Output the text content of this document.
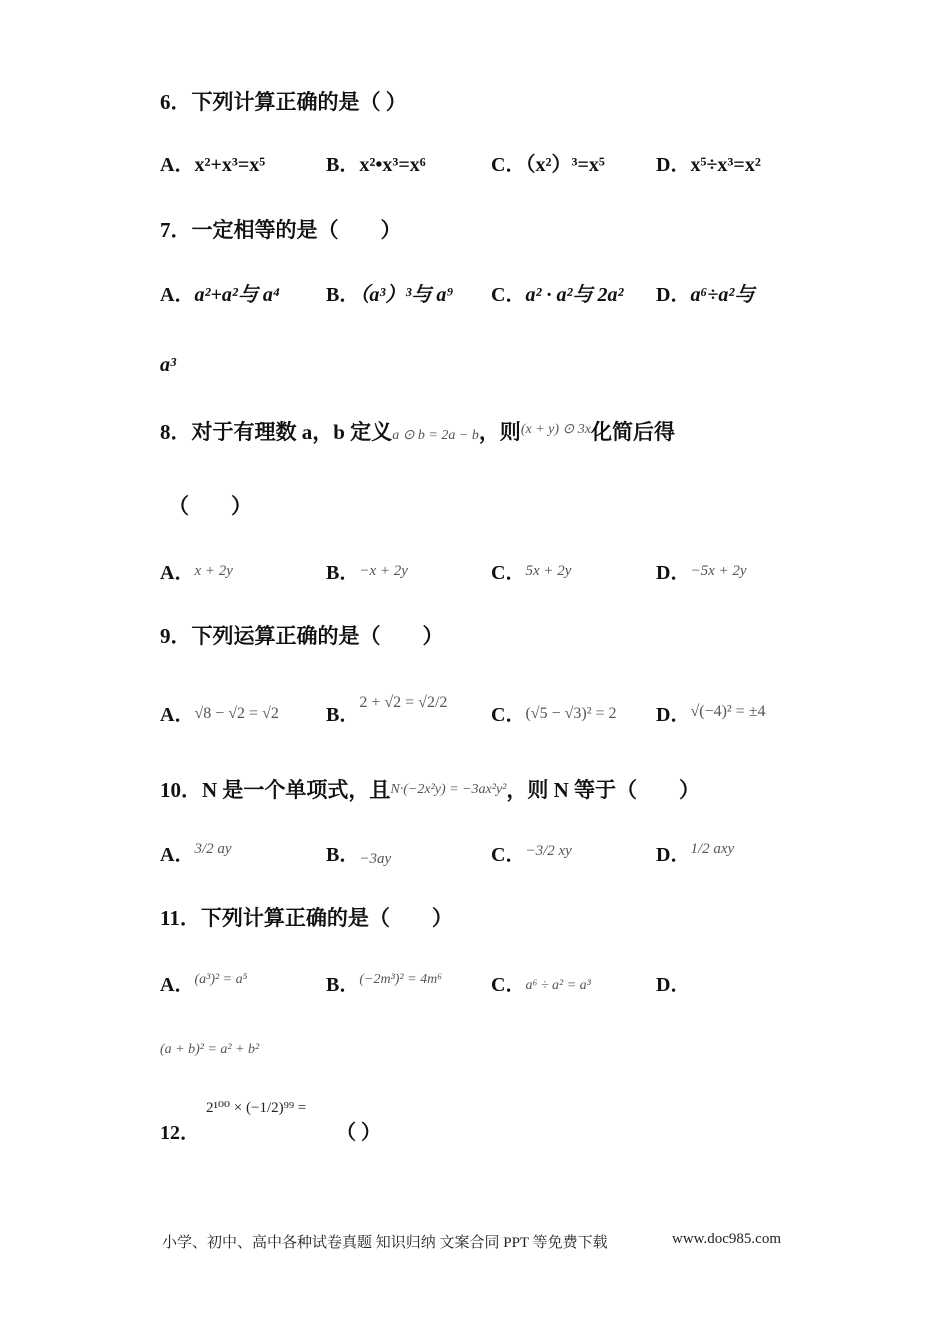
6．下列计算正确的是（ ）
A．x²+x³=x⁵	B．x²•x³=x⁶	C．（x²）³=x⁵	D．x⁵÷x³=x²
7．一定相等的是（　　）
A．a²+a²与 a⁴ B．（a³）³与 a⁹ C．a² · a²与 2a² D．a⁶÷a²与
a³
8．对于有理数 a，b 定义a ⊙ b = 2a − b，则$^{(x + y) ⊙ 3x}$化简后得
（　　）
A．$^{x + 2y}$	B．$^{-x + 2y}$	C．$^{5x + 2y}$	D．$^{-5x + 2y}$
9．下列运算正确的是（　　）
A．√8 − √2 = √2 B．$^{2 + √2 = √2/2}$
C．(√5 − √3)² = 2 D．$^{√(-4)^2 = \pm 4}$
10．N 是一个单项式，且N·(−2x²y) = −3ax²y²，则 N 等于（　　）
A．$^{3/2 ay}$	B．−3ay	C．$^{-3/2 xy}$	D．$^{1/2 axy}$
11．下列计算正确的是（　　）
A．$^{(a^3)^2 = a^5}$	B．$^{(-2m^3)^2 = 4m^6}$ C．a⁶ ÷ a² = a³	D．
(a + b)² = a² + b²
12．
2¹⁰⁰ × (−1/2)⁹⁹ =
（ ）
小学、初中、高中各种试卷真题 知识归纳 文案合同 PPT 等免费下载	www.doc985.com
